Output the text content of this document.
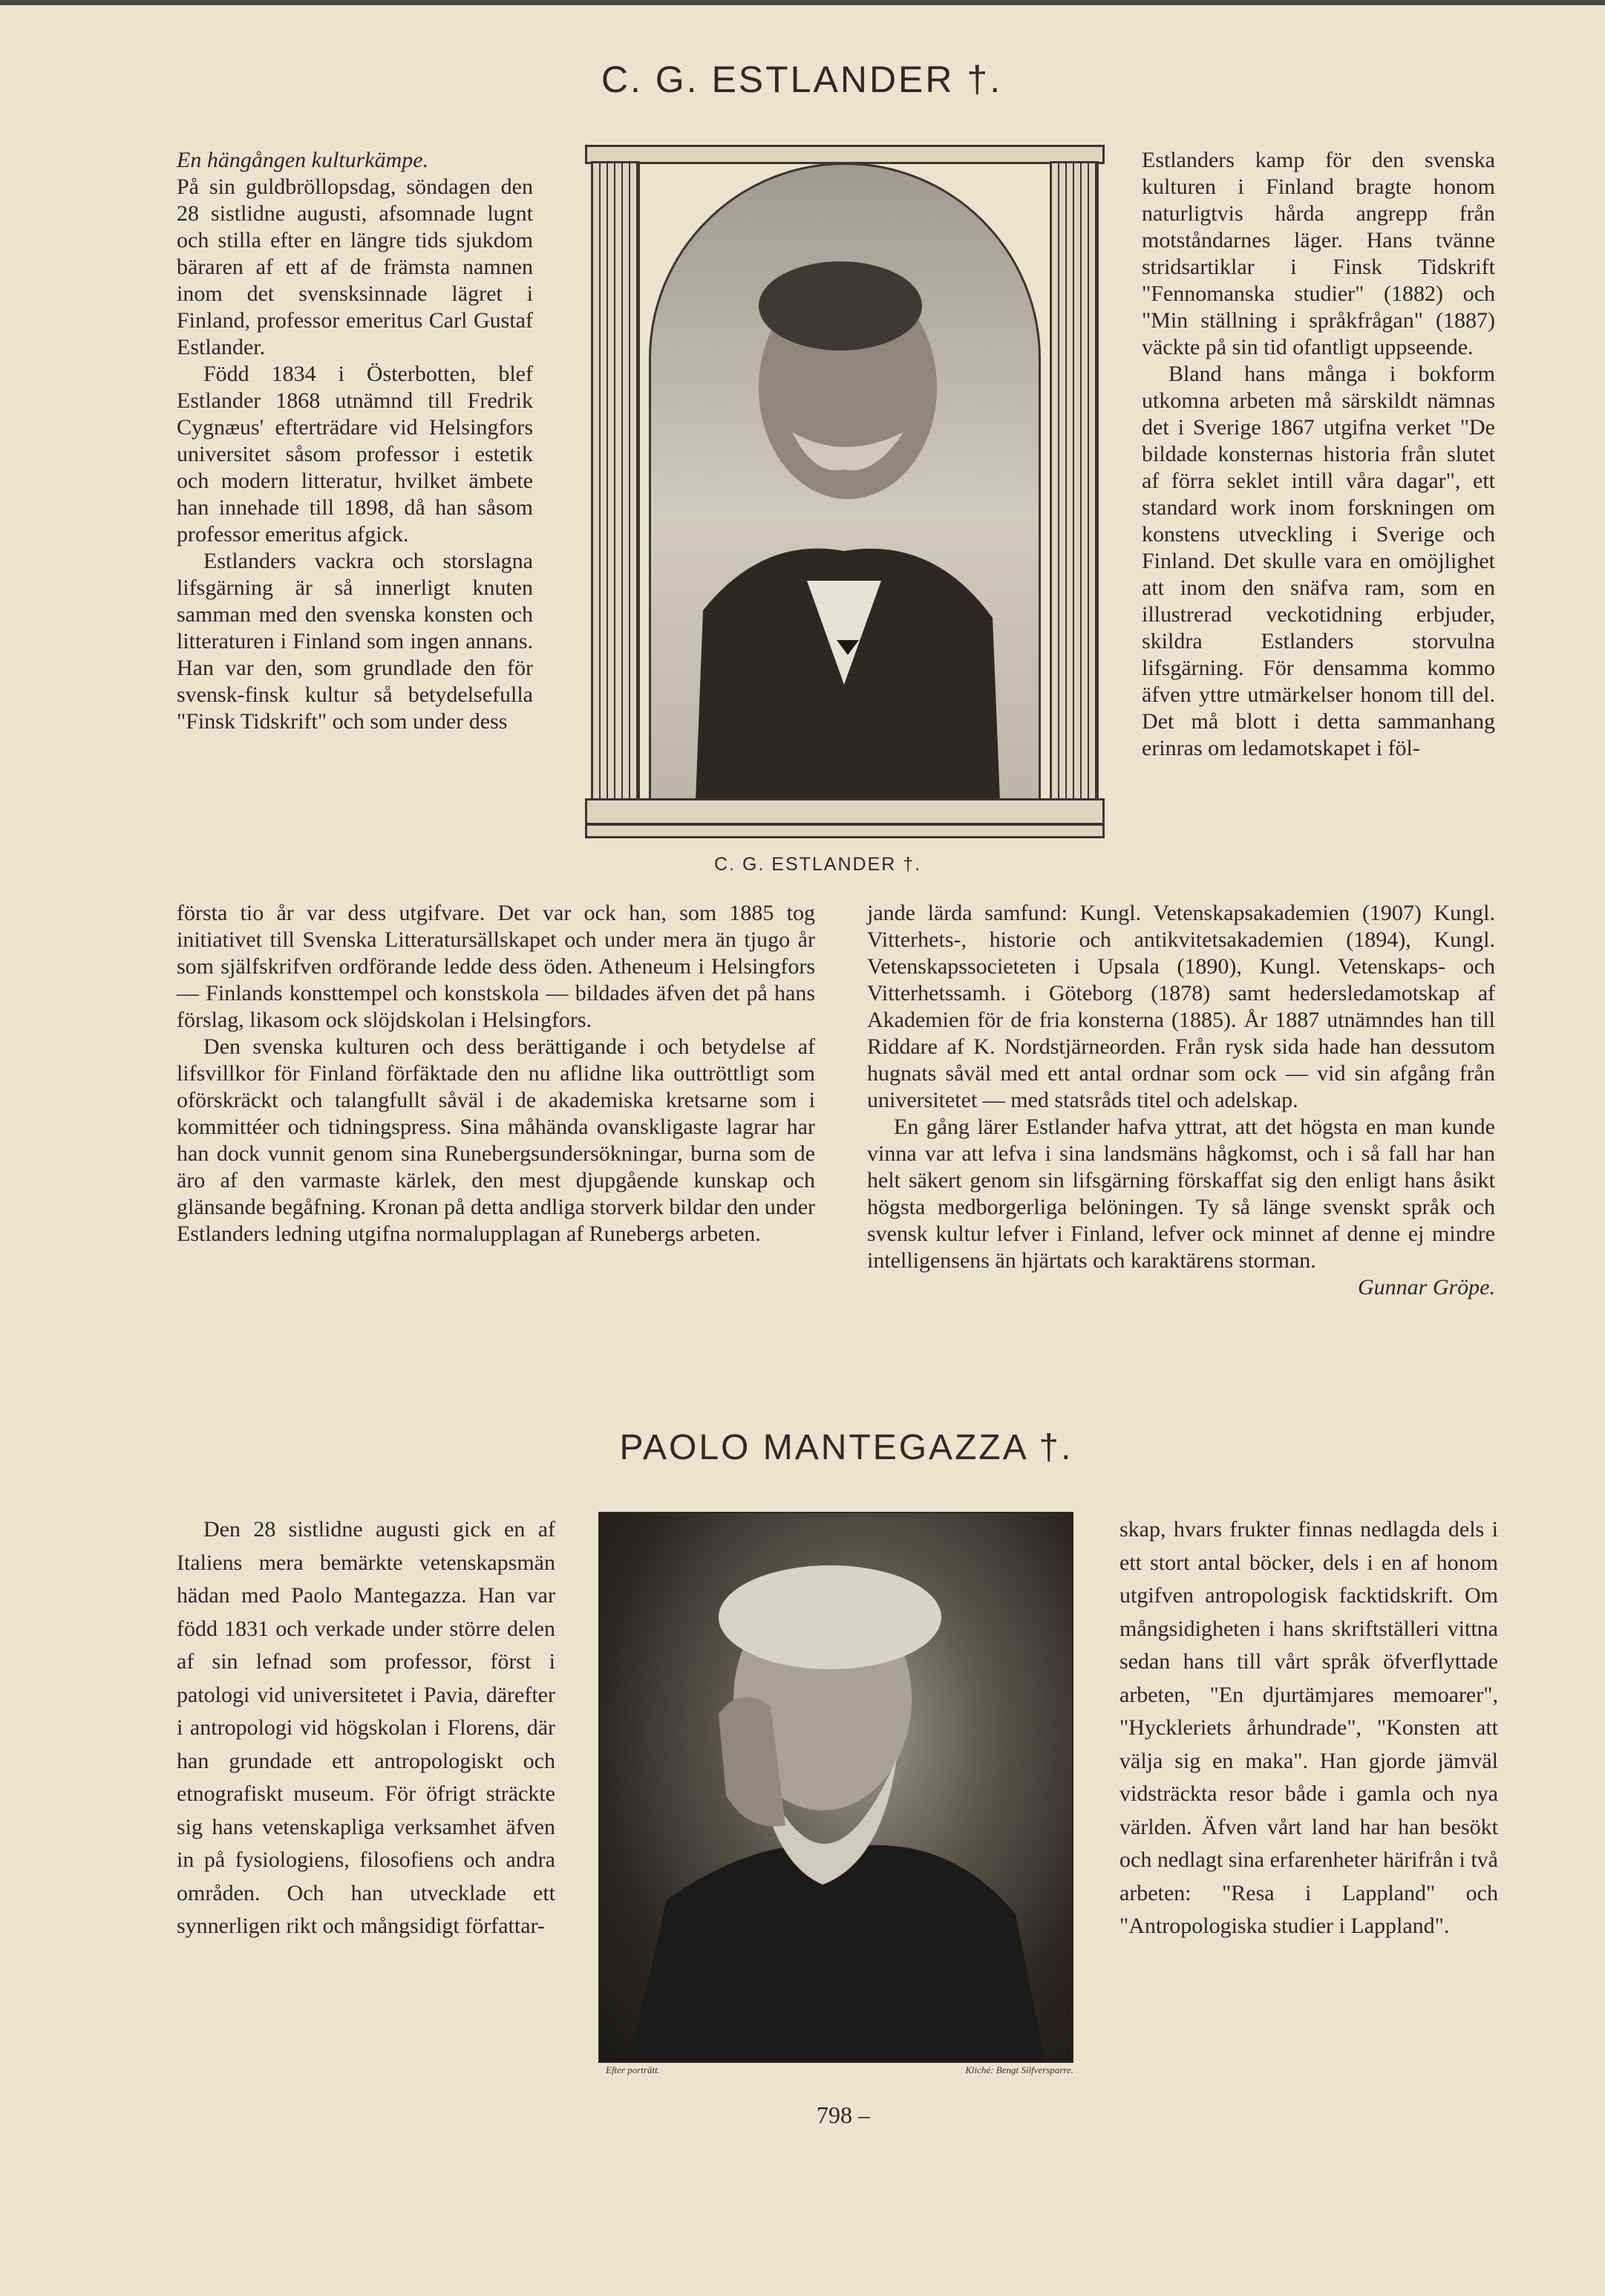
C. G. ESTLANDER †.

En hängången kulturkämpe.

På sin guldbröllopsdag, söndagen den 28 sistlidne augusti, afsomnade lugnt och stilla efter en längre tids sjukdom bäraren af ett af de främsta namnen inom det svensksinnade lägret i Finland, professor emeritus Carl Gustaf Estlander.

Född 1834 i Österbotten, blef Estlander 1868 utnämnd till Fredrik Cygnæus' efterträdare vid Helsingfors universitet såsom professor i estetik och modern litteratur, hvilket ämbete han innehade till 1898, då han såsom professor emeritus afgick.

Estlanders vackra och storslagna lifsgärning är så innerligt knuten samman med den svenska konsten och litteraturen i Finland som ingen annans. Han var den, som grundlade den för svensk-finsk kultur så betydelsefulla "Finsk Tidskrift" och som under dess

Estlanders kamp för den svenska kulturen i Finland bragte honom naturligtvis hårda angrepp från motståndarnes läger. Hans tvänne stridsartiklar i Finsk Tidskrift "Fennomanska studier" (1882) och "Min ställning i språkfrågan" (1887) väckte på sin tid ofantligt uppseende.

Bland hans många i bokform utkomna arbeten må särskildt nämnas det i Sverige 1867 utgifna verket "De bildade konsternas historia från slutet af förra seklet intill våra dagar", ett standard work inom forskningen om konstens utveckling i Sverige och Finland. Det skulle vara en omöjlighet att inom den snäfva ram, som en illustrerad veckotidning erbjuder, skildra Estlanders storvulna lifsgärning. För densamma kommo äfven yttre utmärkelser honom till del. Det må blott i detta sammanhang erinras om ledamotskapet i föl-

C. G. ESTLANDER †.

första tio år var dess utgifvare. Det var ock han, som 1885 tog initiativet till Svenska Litteratursällskapet och under mera än tjugo år som själfskrifven ordförande ledde dess öden. Atheneum i Helsingfors — Finlands konsttempel och konstskola — bildades äfven det på hans förslag, likasom ock slöjdskolan i Helsingfors.

Den svenska kulturen och dess berättigande i och betydelse af lifsvillkor för Finland förfäktade den nu aflidne lika outtröttligt som oförskräckt och talangfullt såväl i de akademiska kretsarne som i kommittéer och tidningspress. Sina måhända ovanskligaste lagrar har han dock vunnit genom sina Runebergsundersökningar, burna som de äro af den varmaste kärlek, den mest djupgående kunskap och glänsande begåfning. Kronan på detta andliga storverk bildar den under Estlanders ledning utgifna normalupplagan af Runebergs arbeten.

jande lärda samfund: Kungl. Vetenskapsakademien (1907) Kungl. Vitterhets-, historie och antikvitetsakademien (1894), Kungl. Vetenskapssocieteten i Upsala (1890), Kungl. Vetenskaps- och Vitterhetssamh. i Göteborg (1878) samt hedersledamotskap af Akademien för de fria konsterna (1885). År 1887 utnämndes han till Riddare af K. Nordstjärneorden. Från rysk sida hade han dessutom hugnats såväl med ett antal ordnar som ock — vid sin afgång från universitetet — med statsråds titel och adelskap.

En gång lärer Estlander hafva yttrat, att det högsta en man kunde vinna var att lefva i sina landsmäns hågkomst, och i så fall har han helt säkert genom sin lifsgärning förskaffat sig den enligt hans åsikt högsta medborgerliga belöningen. Ty så länge svenskt språk och svensk kultur lefver i Finland, lefver ock minnet af denne ej mindre intelligensens än hjärtats och karaktärens storman.

Gunnar Gröpe.
PAOLO MANTEGAZZA †.

Den 28 sistlidne augusti gick en af Italiens mera bemärkte vetenskapsmän hädan med Paolo Mantegazza. Han var född 1831 och verkade under större delen af sin lefnad som professor, först i patologi vid universitetet i Pavia, därefter i antropologi vid högskolan i Florens, där han grundade ett antropologiskt och etnografiskt museum. För öfrigt sträckte sig hans vetenskapliga verksamhet äfven in på fysiologiens, filosofiens och andra områden. Och han utvecklade ett synnerligen rikt och mångsidigt författar-

Efter porträtt.	Kliché: Bengt Silfversparre.

skap, hvars frukter finnas nedlagda dels i ett stort antal böcker, dels i en af honom utgifven antropologisk facktidskrift. Om mångsidigheten i hans skriftställeri vittna sedan hans till vårt språk öfverflyttade arbeten, "En djurtämjares memoarer", "Hyckleriets århundrade", "Konsten att välja sig en maka". Han gjorde jämväl vidsträckta resor både i gamla och nya världen. Äfven vårt land har han besökt och nedlagt sina erfarenheter härifrån i två arbeten: "Resa i Lappland" och "Antropologiska studier i Lappland".

798 –
